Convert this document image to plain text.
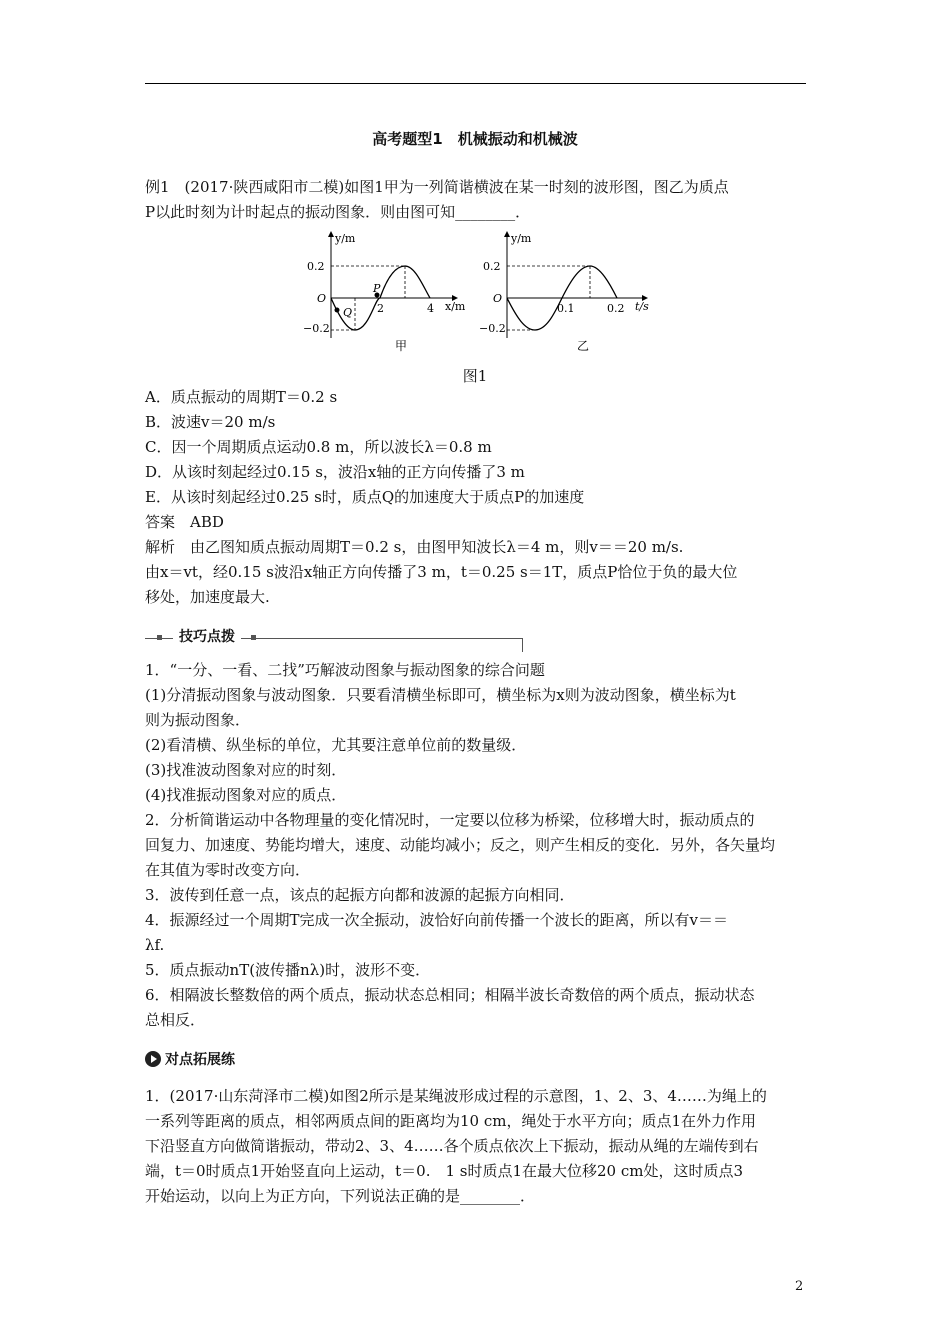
高考题型1　机械振动和机械波
例1　(2017·陕西咸阳市二模)如图1甲为一列简谐横波在某一时刻的波形图，图乙为质点
P以此时刻为计时起点的振动图象．则由图可知________．
0.2
−0.2
O
y/m
x/m
2	4
P
Q
甲
0.2
−0.2
O
y/m
t/s
0.1	0.2
乙
图1
A．质点振动的周期T＝0.2 s
B．波速v＝20 m/s
C．因一个周期质点运动0.8 m，所以波长λ＝0.8 m
D．从该时刻起经过0.15 s，波沿x轴的正方向传播了3 m
E．从该时刻起经过0.25 s时，质点Q的加速度大于质点P的加速度
答案　ABD
解析　由乙图知质点振动周期T＝0.2 s，由图甲知波长λ＝4 m，则v＝＝20 m/s.
由x＝vt，经0.15 s波沿x轴正方向传播了3 m，t＝0.25 s＝1T，质点P恰位于负的最大位
移处，加速度最大.
技巧点拨
1．“一分、一看、二找”巧解波动图象与振动图象的综合问题
(1)分清振动图象与波动图象．只要看清横坐标即可，横坐标为x则为波动图象，横坐标为t
则为振动图象．
(2)看清横、纵坐标的单位，尤其要注意单位前的数量级．
(3)找准波动图象对应的时刻．
(4)找准振动图象对应的质点．
2．分析简谐运动中各物理量的变化情况时，一定要以位移为桥梁，位移增大时，振动质点的
回复力、加速度、势能均增大，速度、动能均减小；反之，则产生相反的变化．另外，各矢量均
在其值为零时改变方向．
3．波传到任意一点，该点的起振方向都和波源的起振方向相同．
4．振源经过一个周期T完成一次全振动，波恰好向前传播一个波长的距离，所以有v＝＝
λf.
5．质点振动nT(波传播nλ)时，波形不变．
6．相隔波长整数倍的两个质点，振动状态总相同；相隔半波长奇数倍的两个质点，振动状态
总相反．
对点拓展练
1．(2017·山东菏泽市二模)如图2所示是某绳波形成过程的示意图，1、2、3、4……为绳上的
一系列等距离的质点，相邻两质点间的距离均为10 cm，绳处于水平方向；质点1在外力作用
下沿竖直方向做简谐振动，带动2、3、4……各个质点依次上下振动，振动从绳的左端传到右
端，t＝0时质点1开始竖直向上运动，t＝0.　1 s时质点1在最大位移20 cm处，这时质点3
开始运动，以向上为正方向，下列说法正确的是________．
2
